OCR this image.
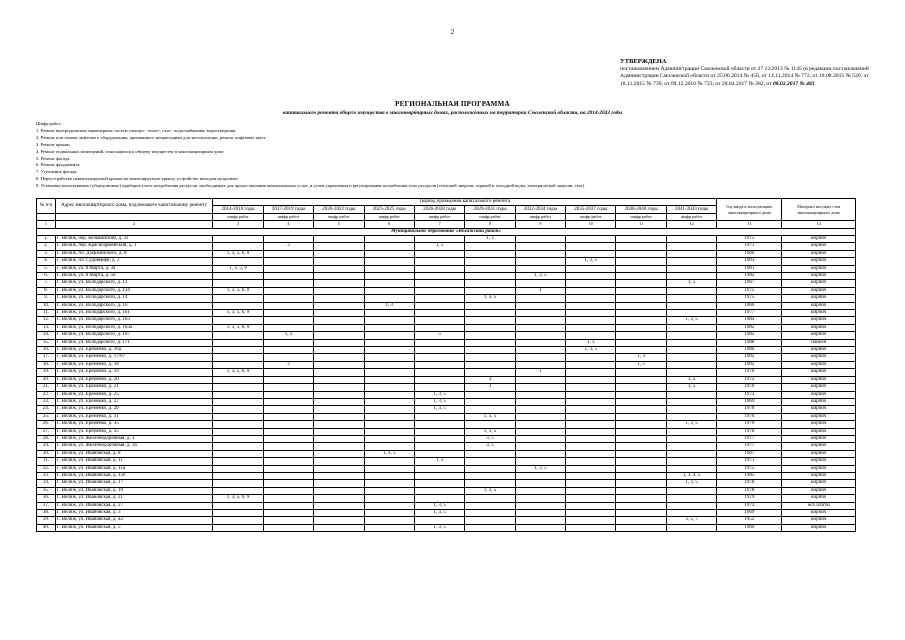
2
УТВЕРЖДЕНА
постановлением Администрации Смоленской области от 27.12.2013 № 1145 (в редакции постановлений Администрации Смоленской области от 25.06.2014 № 450, от 14.11.2014 № 772, от 18.08.2015 № 520, от 18.11.2015 № 730, от 09.12.2016 № 723, от 28.04.2017 № 282, от 08.02.2017 № 483
РЕГИОНАЛЬНАЯ ПРОГРАММА
капитального ремонта общего имущества в многоквартирных домах, расположенных на территории Смоленской области, на 2014-2043 годы
Шифр работ:
1. Ремонт внутридомовых инженерных систем электро-, тепло-, газо-, водоснабжения, водоотведения.
2. Ремонт или замена лифтового оборудования, признанного непригодным для эксплуатации, ремонт лифтовых шахт.
3. Ремонт крыши.
4. Ремонт подвальных помещений, относящихся к общему имуществу в многоквартирном доме.
5. Ремонт фасада.
6. Ремонт фундамента.
7. Утепление фасада.
8. Переустройство невентилируемой крыши на вентилируемую крышу, устройство выходов на кровлю.
9. Установка коллективных (общедомовых) приборов учета потребления ресурсов, необходимых для предоставления коммунальных услуг, и узлов управления и регулирования потребления этих ресурсов (тепловой энергии, горячей и холодной воды, электрической энергии, газа).
№ п/п	Адрес многоквартирного дома, подлежащего капитальному ремонту	Период проведения капитального ремонта										Год ввода в эксплуатацию многоквартирного дома	Материал несущих стен многоквартирного дома
		2014-2016 годы	2017-2019 годы	2020-2022 годы	2023-2025 годы	2026-2028 годы	2029-2031 годы	2032-2034 годы	2035-2037 годы	2038-2040 годы	2041-2043 годы		
		шифр работ	шифр работ	шифр работ	шифр работ	шифр работ	шифр работ	шифр работ	шифр работ	шифр работ	шифр работ		
1	2	3	4	5	6	7	8	9	10	11	12	13	14
Муниципальное образование «Велижский район»													
1.	Г. Велиж, пер. Бельвинский, д. 32						1, 3					1975	кирпич
2.	Г. Велиж, пер. Красноармейский, д. 1		3			1, 5						1971	кирпич
3.	Г. Велиж, пл. Дзержинского, д. 8	1, 3, 5, 6, 9										1960	кирпич
4.	Г. Велиж, пл. Судоверфи, д. 2								1, 3, 5			1993	кирпич
5.	Г. Велиж, ул. 8 Марта, д. 3а	1, 3, 5, 9										1981	кирпич
6.	Г. Велиж, ул. 8 Марта, д. 50							1, 3, 5				1982	кирпич
7.	Г. Велиж, ул. Володарского, д. 12										1, 5	1967	кирпич
8.	Г. Велиж, ул. Володарского, д. 134	1, 3, 5, 6, 9						1				1975	кирпич
9.	Г. Велиж, ул. Володарского, д. 14						1, 3, 5					1975	кирпич
10.	Г. Велиж, ул. Володарского, д. 16				1, 3							1966	кирпич
11.	Г. Велиж, ул. Володарского, д. 161	1, 3, 5, 6, 9										1977	кирпич
12.	Г. Велиж, ул. Володарского, д. 163										1, 3, 5	1984	кирпич
13.	Г. Велиж, ул. Володарского, д. 163а	1, 3, 5, 6, 9										1982	кирпич
14.	Г. Велиж, ул. Володарского, д. 167		1, 3			5						1982	кирпич
15.	Г. Велиж, ул. Володарского, д. 171								1, 3			1988	панели
16.	Г. Велиж, ул. Еременко, д. 16а								1, 3, 5			1986	кирпич
17.	Г. Велиж, ул. Еременко, д. 17/67									1, 3		1992	кирпич
18.	Г. Велиж, ул. Еременко, д. 18		3							1, 5		1992	кирпич
19.	Г. Велиж, ул. Еременко, д. 19	1, 3, 5, 6, 9						1				1976	кирпич
20.	Г. Велиж, ул. Еременко, д. 20						3				1, 5	1972	кирпич
21.	Г. Велиж, ул. Еременко, д. 21						3				1, 5	1970	кирпич
22.	Г. Велиж, ул. Еременко, д. 25					1, 3, 5						1972	кирпич
23.	Г. Велиж, ул. Еременко, д. 27					1, 3, 5						1969	кирпич
24.	Г. Велиж, ул. Еременко, д. 29					1, 3, 5						1970	кирпич
25.	Г. Велиж, ул. Еременко, д. 31						1, 3, 5					1976	кирпич
26.	Г. Велиж, ул. Еременко, д. 35										1, 3, 5	1979	кирпич
27.	Г. Велиж, ул. Еременко, д. 35						1, 3, 5					1978	кирпич
28.	Г. Велиж, ул. Железнодорожная, д. 1						3, 5					1977	кирпич
29.	Г. Велиж, ул. Железнодорожная, д. 3а						3, 5					1977	кирпич
30.	Г. Велиж, ул. Ивановская, д. 8				1, 3, 5							1967	кирпич
31.	Г. Велиж, ул. Ивановская, д. 11					1, 3						1971	кирпич
32.	Г. Велиж, ул. Ивановская, д. 11а							1, 3, 5				1975	кирпич
33.	Г. Велиж, ул. Ивановская, д. 15б										1, 3, 4, 5	1985	кирпич
34.	Г. Велиж, ул. Ивановская, д. 17										1, 3, 5	1978	кирпич
35.	Г. Велиж, ул. Ивановская, д. 19						1, 3, 5					1978	кирпич
36.	Г. Велиж, ул. Ивановская, д. 21	1, 3, 5, 6, 9										1979	кирпич
37.	Г. Велиж, ул. Ивановская, д. 27					1, 3, 5						1972	ж/б плиты
38.	Г. Велиж, ул. Ивановская, д. 3					1, 3, 5						1969	кирпич
39.	Г. Велиж, ул. Ивановская, д. 42										3, 5, 7	1952	кирпич
40.	Г. Велиж, ул. Ивановская, д. 5					1, 3, 5						1969	кирпич
